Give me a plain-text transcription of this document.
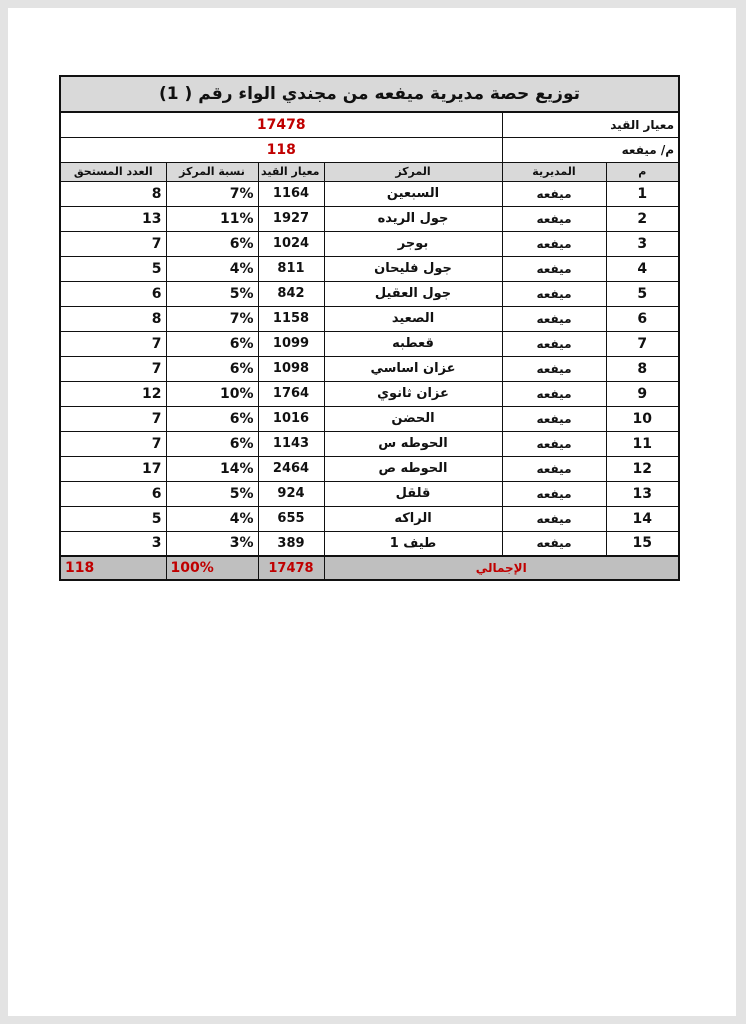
توزيع حصة مديرية ميفعه من مجندي الواء رقم ( 1)					
17478				معيار القيد	
118				م/ ميفعه	
العدد المستحق	نسبة المركز	معيار القيد	المركز	المديرية	م
8	7%	1164	السبعين	ميفعه	1
13	11%	1927	جول الريده	ميفعه	2
7	6%	1024	بوجر	ميفعه	3
5	4%	811	جول فليحان	ميفعه	4
6	5%	842	جول العقيل	ميفعه	5
8	7%	1158	الصعيد	ميفعه	6
7	6%	1099	قعطبه	ميفعه	7
7	6%	1098	عزان اساسي	ميفعه	8
12	10%	1764	عزان ثانوي	ميفعه	9
7	6%	1016	الحضن	ميفعه	10
7	6%	1143	الحوطه س	ميفعه	11
17	14%	2464	الحوطه ص	ميفعه	12
6	5%	924	قلقل	ميفعه	13
5	4%	655	الراكه	ميفعه	14
3	3%	389	طيف 1	ميفعه	15
118	100%	17478	الإجمالي		
